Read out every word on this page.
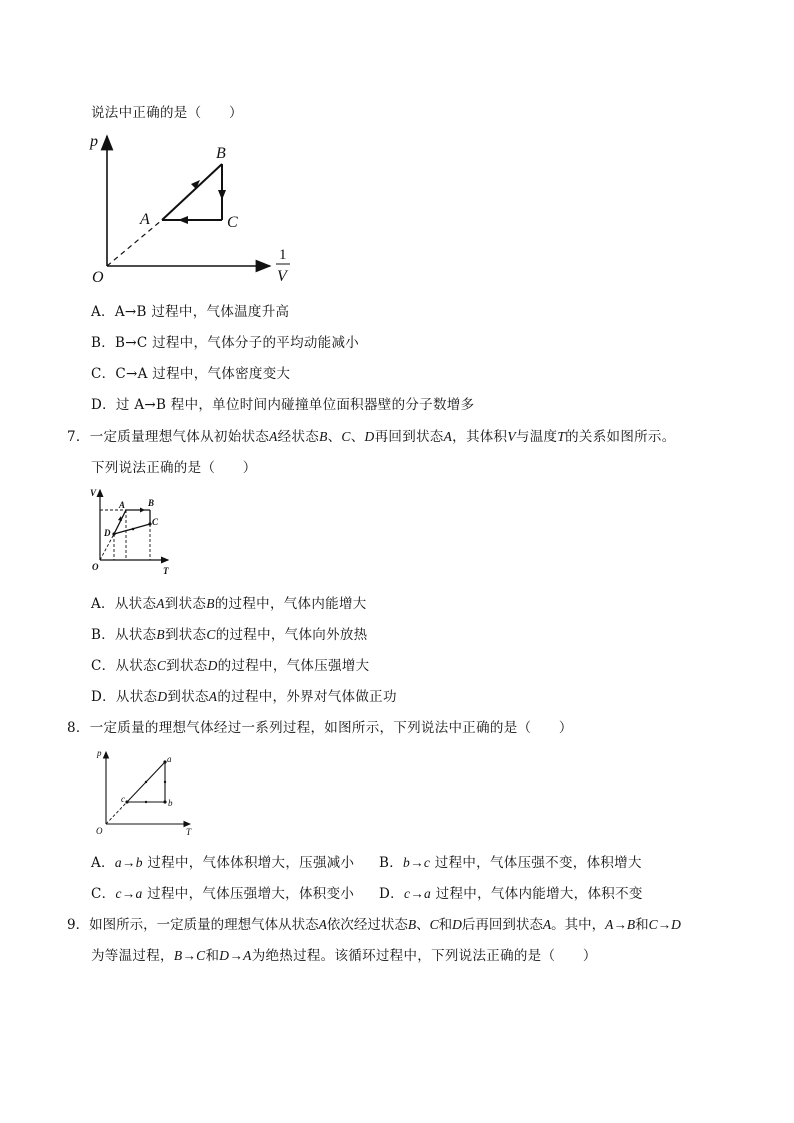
说法中正确的是（　　）
p
O
A
B
C
1
V
A．A→B 过程中，气体温度升高
B．B→C 过程中，气体分子的平均动能减小
C．C→A 过程中，气体密度变大
D．过 A→B 程中，单位时间内碰撞单位面积器壁的分子数增多
7．一定质量理想气体从初始状态A经状态B、C、D再回到状态A，其体积V与温度T的关系如图所示。
下列说法正确的是（　　）
V
O	T
A	B
C
D
A．从状态A到状态B的过程中，气体内能增大
B．从状态B到状态C的过程中，气体向外放热
C．从状态C到状态D的过程中，气体压强增大
D．从状态D到状态A的过程中，外界对气体做正功
8．一定质量的理想气体经过一系列过程，如图所示，下列说法中正确的是（　　）
p
O	T
a
b
c
A．a→b 过程中，气体体积增大，压强减小 B．b→c 过程中，气体压强不变，体积增大
C．c→a 过程中，气体压强增大，体积变小 D．c→a 过程中，气体内能增大，体积不变
9．如图所示，一定质量的理想气体从状态A依次经过状态B、C和D后再回到状态A。其中，A→B和C→D
为等温过程，B→C和D→A为绝热过程。该循环过程中，下列说法正确的是（　　）
